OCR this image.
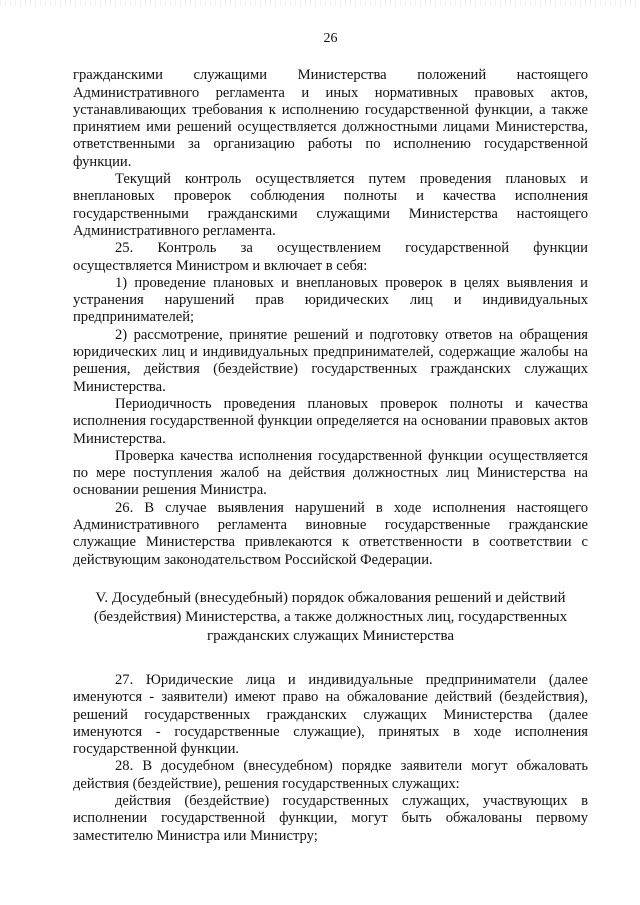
26

гражданскими служащими Министерства положений настоящего Административного регламента и иных нормативных правовых актов, устанавливающих требования к исполнению государственной функции, а также принятием ими решений осуществляется должностными лицами Министерства, ответственными за организацию работы по исполнению государственной функции.

Текущий контроль осуществляется путем проведения плановых и внеплановых проверок соблюдения полноты и качества исполнения государственными гражданскими служащими Министерства настоящего Административного регламента.

25. Контроль за осуществлением государственной функции осуществляется Министром и включает в себя:

1) проведение плановых и внеплановых проверок в целях выявления и устранения нарушений прав юридических лиц и индивидуальных предпринимателей;

2) рассмотрение, принятие решений и подготовку ответов на обращения юридических лиц и индивидуальных предпринимателей, содержащие жалобы на решения, действия (бездействие) государственных гражданских служащих Министерства.

Периодичность проведения плановых проверок полноты и качества исполнения государственной функции определяется на основании правовых актов Министерства.

Проверка качества исполнения государственной функции осуществляется по мере поступления жалоб на действия должностных лиц Министерства на основании решения Министра.

26. В случае выявления нарушений в ходе исполнения настоящего Административного регламента виновные государственные гражданские служащие Министерства привлекаются к ответственности в соответствии с действующим законодательством Российской Федерации.

V. Досудебный (внесудебный) порядок обжалования решений и действий
(бездействия) Министерства, а также должностных лиц, государственных
гражданских служащих Министерства

27. Юридические лица и индивидуальные предприниматели (далее именуются - заявители) имеют право на обжалование действий (бездействия), решений государственных гражданских служащих Министерства (далее именуются - государственные служащие), принятых в ходе исполнения государственной функции.

28. В досудебном (внесудебном) порядке заявители могут обжаловать действия (бездействие), решения государственных служащих:

действия (бездействие) государственных служащих, участвующих в исполнении государственной функции, могут быть обжалованы первому заместителю Министра или Министру;
